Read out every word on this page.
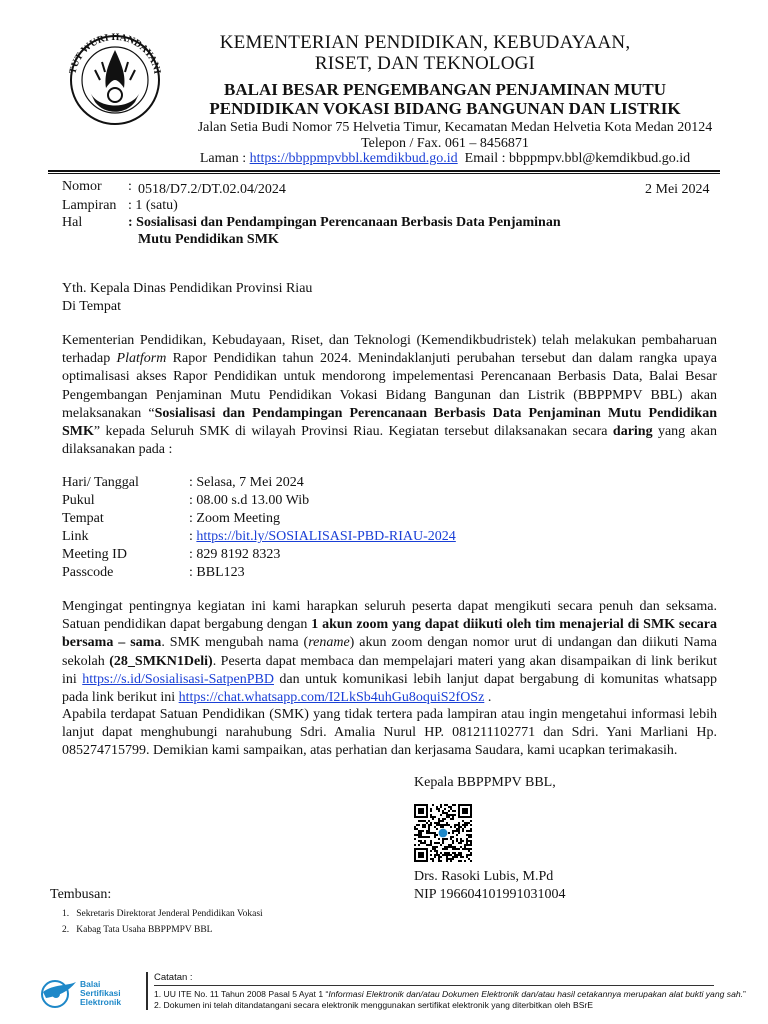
TUT WURI HANDAYANI
KEMENTERIAN PENDIDIKAN, KEBUDAYAAN,
RISET, DAN TEKNOLOGI
BALAI BESAR PENGEMBANGAN PENJAMINAN MUTU
PENDIDIKAN VOKASI BIDANG BANGUNAN DAN LISTRIK
Jalan Setia Budi Nomor 75 Helvetia Timur, Kecamatan Medan Helvetia Kota Medan 20124
Telepon / Fax. 061 – 8456871
Laman : https://bbppmpvbbl.kemdikbud.go.id Email : bbppmpv.bbl@kemdikbud.go.id
Nomor : 0518/D7.2/DT.02.04/2024	2 Mei 2024
Lampiran : 1 (satu)
Hal	: Sosialisasi dan Pendampingan Perencanaan Berbasis Data Penjaminan
Mutu Pendidikan SMK
Yth. Kepala Dinas Pendidikan Provinsi Riau
Di Tempat
Kementerian Pendidikan, Kebudayaan, Riset, dan Teknologi (Kemendikbudristek) telah melakukan pembaharuan terhadap Platform Rapor Pendidikan tahun 2024. Menindaklanjuti perubahan tersebut dan dalam rangka upaya optimalisasi akses Rapor Pendidikan untuk mendorong impelementasi Perencanaan Berbasis Data, Balai Besar Pengembangan Penjaminan Mutu Pendidikan Vokasi Bidang Bangunan dan Listrik (BBPPMPV BBL) akan melaksanakan “Sosialisasi dan Pendampingan Perencanaan Berbasis Data Penjaminan Mutu Pendidikan SMK” kepada Seluruh SMK di wilayah Provinsi Riau. Kegiatan tersebut dilaksanakan secara daring yang akan dilaksanakan pada :
Hari/ Tanggal	: Selasa, 7 Mei 2024
Pukul	: 08.00 s.d 13.00 Wib
Tempat	: Zoom Meeting
Link	: https://bit.ly/SOSIALISASI-PBD-RIAU-2024
Meeting ID	: 829 8192 8323
Passcode	: BBL123
Mengingat pentingnya kegiatan ini kami harapkan seluruh peserta dapat mengikuti secara penuh dan seksama. Satuan pendidikan dapat bergabung dengan 1 akun zoom yang dapat diikuti oleh tim menajerial di SMK secara bersama – sama. SMK mengubah nama (rename) akun zoom dengan nomor urut di undangan dan diikuti Nama sekolah (28_SMKN1Deli). Peserta dapat membaca dan mempelajari materi yang akan disampaikan di link berikut ini https://s.id/Sosialisasi-SatpenPBD dan untuk komunikasi lebih lanjut dapat bergabung di komunitas whatsapp pada link berikut ini https://chat.whatsapp.com/I2LkSb4uhGu8oquiS2fOSz .
Apabila terdapat Satuan Pendidikan (SMK) yang tidak tertera pada lampiran atau ingin mengetahui informasi lebih lanjut dapat menghubungi narahubung Sdri. Amalia Nurul HP. 081211102771 dan Sdri. Yani Marliani Hp. 085274715799. Demikian kami sampaikan, atas perhatian dan kerjasama Saudara, kami ucapkan terimakasih.
Kepala BBPPMPV BBL,
Drs. Rasoki Lubis, M.Pd
NIP 196604101991031004
Tembusan:
1.   Sekretaris Direktorat Jenderal Pendidikan Vokasi
2.   Kabag Tata Usaha BBPPMPV BBL
Balai
Sertifikasi
Elektronik
Catatan :
1. UU ITE No. 11 Tahun 2008 Pasal 5 Ayat 1 “Informasi Elektronik dan/atau Dokumen Elektronik dan/atau hasil cetakannya merupakan alat bukti yang sah.”
2. Dokumen ini telah ditandatangani secara elektronik menggunakan sertifikat elektronik yang diterbitkan oleh BSrE
